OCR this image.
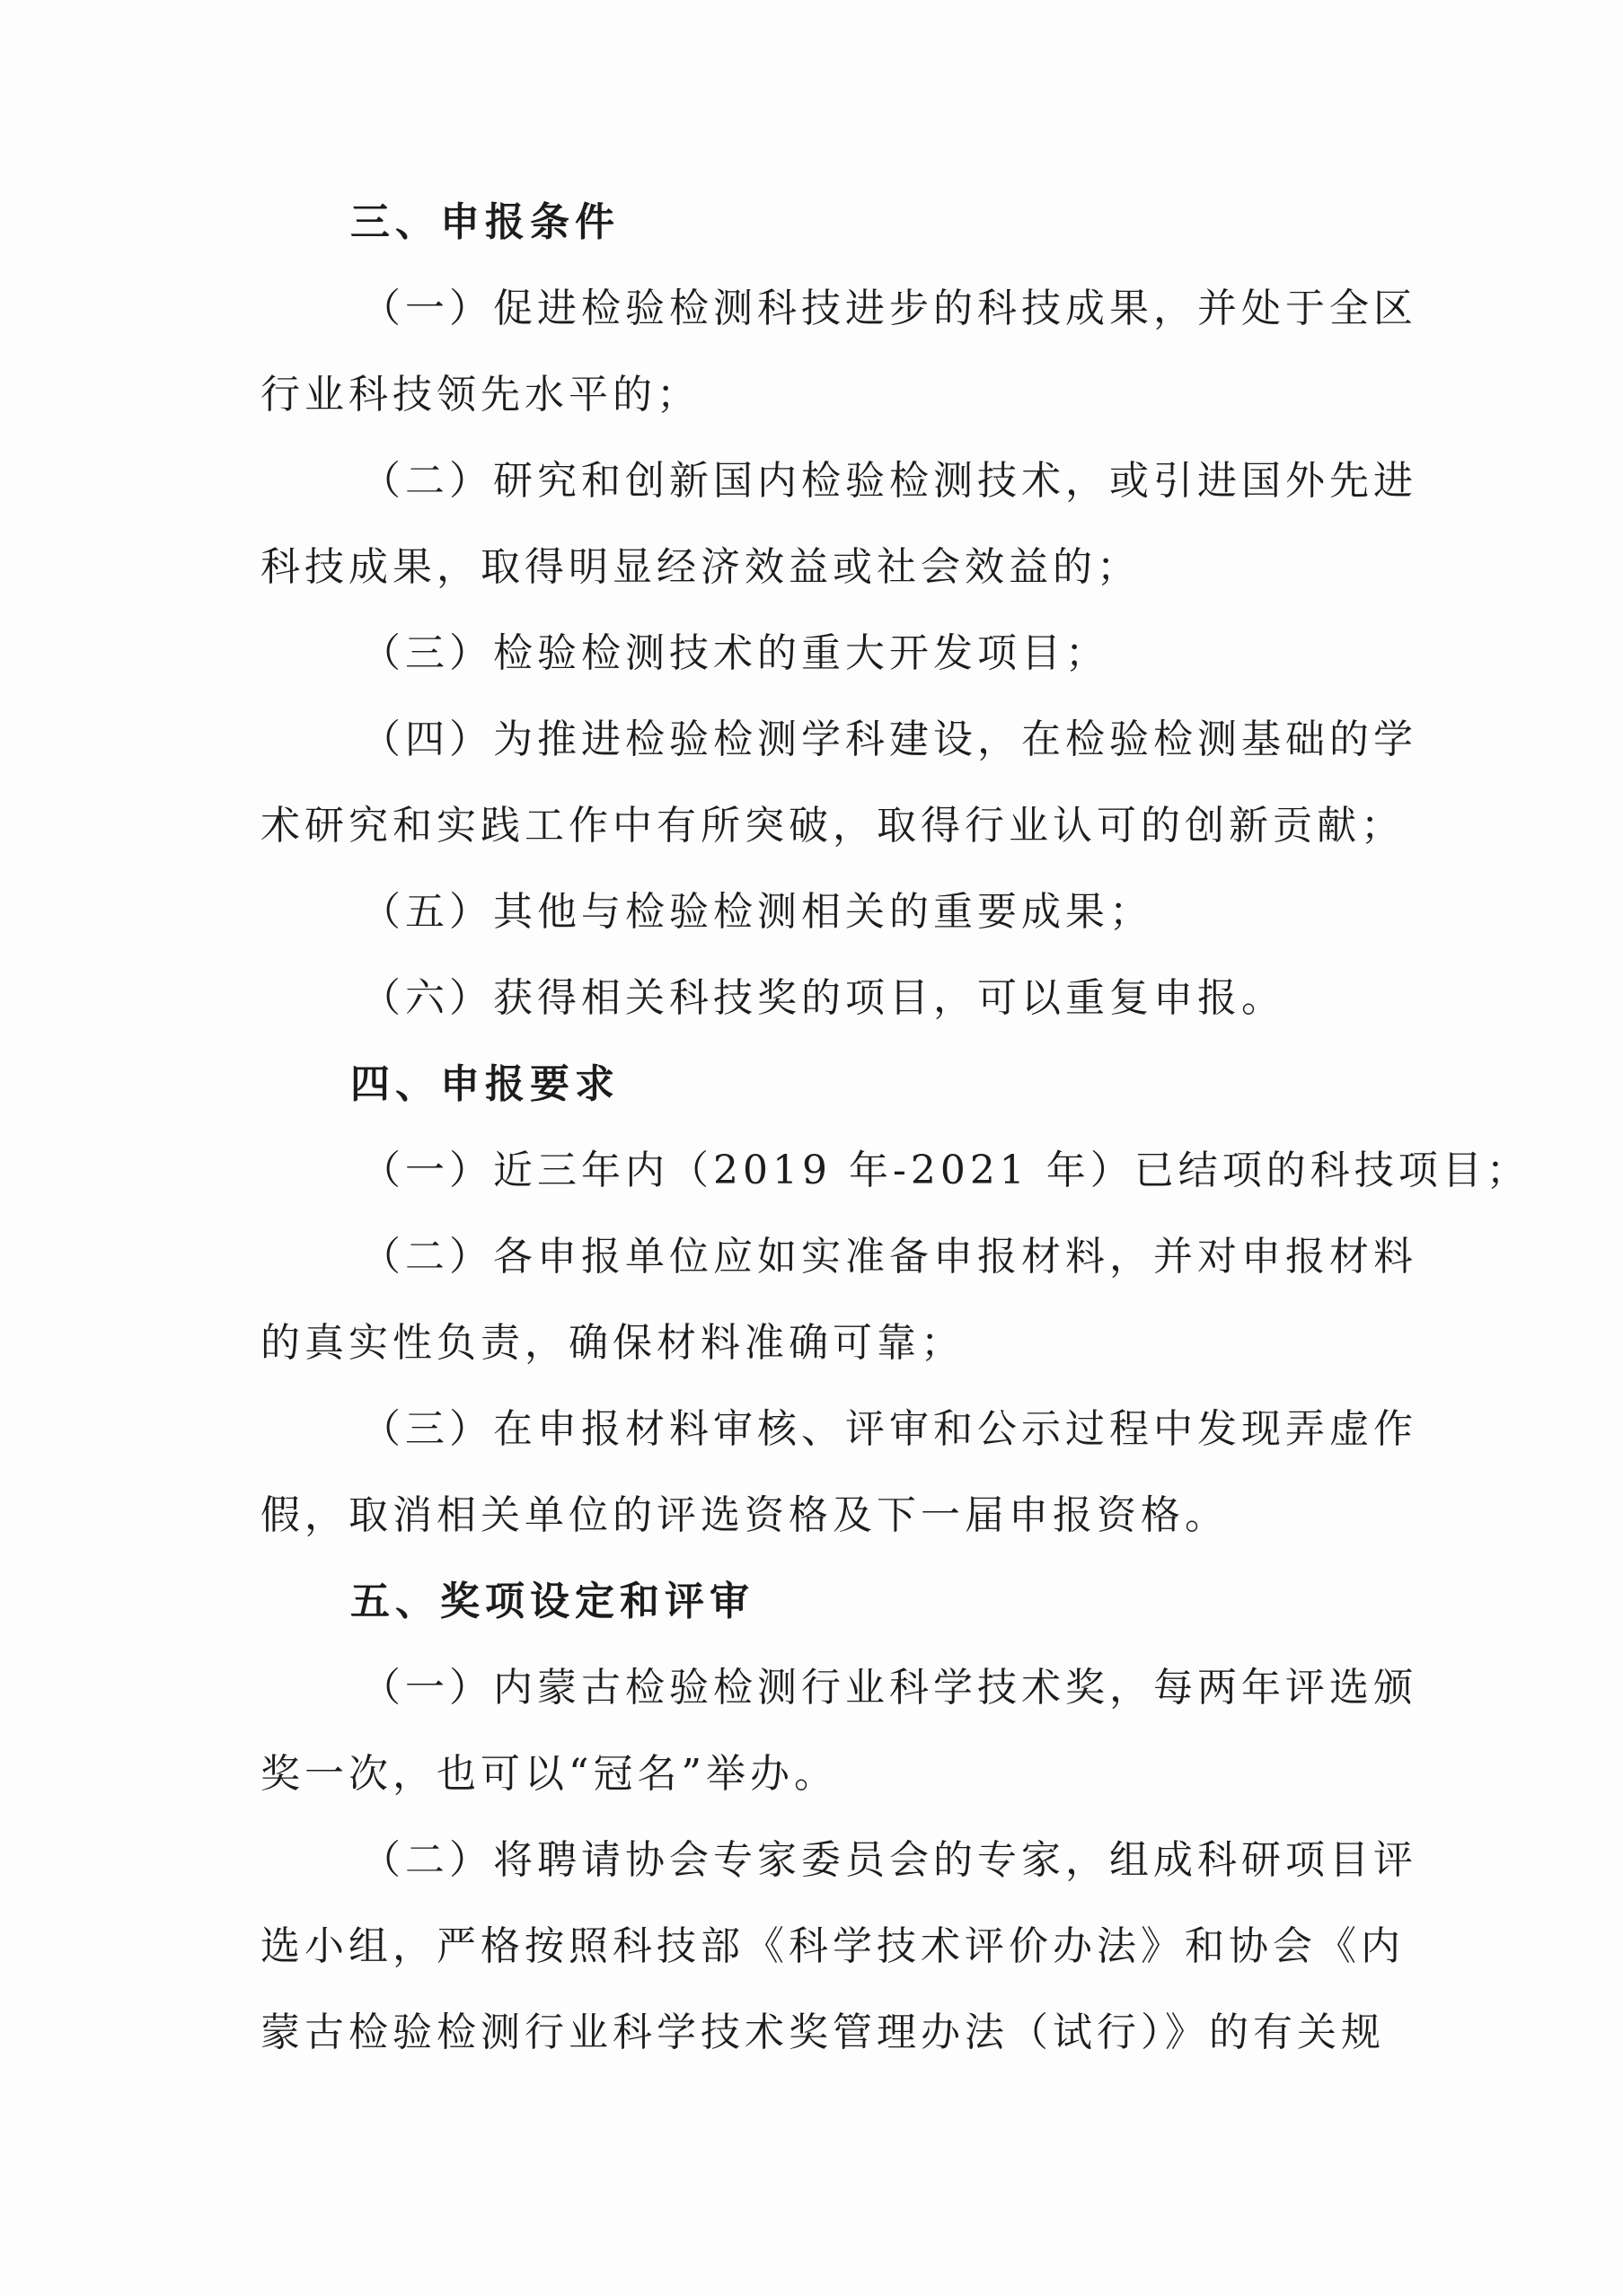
三、申报条件
（一）促进检验检测科技进步的科技成果，并处于全区
行业科技领先水平的；
（二）研究和创新国内检验检测技术，或引进国外先进
科技成果，取得明显经济效益或社会效益的；
（三）检验检测技术的重大开发项目；
（四）为推进检验检测学科建设，在检验检测基础的学
术研究和实践工作中有所突破，取得行业认可的创新贡献；
（五）其他与检验检测相关的重要成果；
（六）获得相关科技奖的项目，可以重复申报。
四、申报要求
（一）近三年内（2019 年-2021 年）已结项的科技项目；
（二）各申报单位应如实准备申报材料，并对申报材料
的真实性负责，确保材料准确可靠；
（三）在申报材料审核、评审和公示过程中发现弄虚作
假，取消相关单位的评选资格及下一届申报资格。
五、奖项设定和评审
（一）内蒙古检验检测行业科学技术奖，每两年评选颁
奖一次，也可以“冠名”举办。
（二）将聘请协会专家委员会的专家，组成科研项目评
选小组，严格按照科技部《科学技术评价办法》和协会《内
蒙古检验检测行业科学技术奖管理办法（试行）》的有关规
